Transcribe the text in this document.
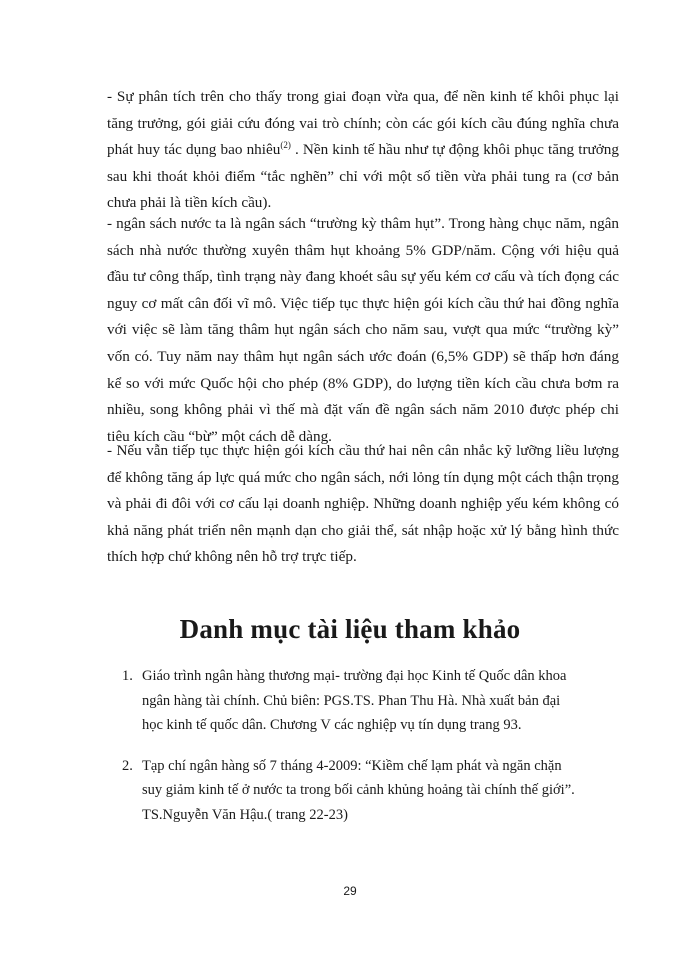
- Sự phân tích trên cho thấy trong giai đoạn vừa qua, để nền kinh tế khôi phục lại tăng trưởng, gói giải cứu đóng vai trò chính; còn các gói kích cầu đúng nghĩa chưa phát huy tác dụng bao nhiêu$^{(2)}$ . Nền kinh tế hầu như tự động khôi phục tăng trưởng sau khi thoát khỏi điểm “tắc nghẽn” chỉ với một số tiền vừa phải tung ra (cơ bản chưa phải là tiền kích cầu).

- ngân sách nước ta là ngân sách “trường kỳ thâm hụt”. Trong hàng chục năm, ngân sách nhà nước thường xuyên thâm hụt khoảng 5% GDP/năm. Cộng với hiệu quả đầu tư công thấp, tình trạng này đang khoét sâu sự yếu kém cơ cấu và tích đọng các nguy cơ mất cân đối vĩ mô. Việc tiếp tục thực hiện gói kích cầu thứ hai đồng nghĩa với việc sẽ làm tăng thâm hụt ngân sách cho năm sau, vượt qua mức “trường kỳ” vốn có. Tuy năm nay thâm hụt ngân sách ước đoán (6,5% GDP) sẽ thấp hơn đáng kể so với mức Quốc hội cho phép (8% GDP), do lượng tiền kích cầu chưa bơm ra nhiều, song không phải vì thế mà đặt vấn đề ngân sách năm 2010 được phép chi tiêu kích cầu “bừ” một cách dễ dàng.

- Nếu vẫn tiếp tục thực hiện gói kích cầu thứ hai nên cân nhắc kỹ lưỡng liều lượng để không tăng áp lực quá mức cho ngân sách, nới lỏng tín dụng một cách thận trọng và phải đi đôi với cơ cấu lại doanh nghiệp. Những doanh nghiệp yếu kém không có khả năng phát triển nên mạnh dạn cho giải thể, sát nhập hoặc xử lý bằng hình thức thích hợp chứ không nên hỗ trợ trực tiếp.

Danh mục tài liệu tham khảo
1. Giáo trình ngân hàng thương mại- trường đại học Kinh tế Quốc dân khoa ngân hàng tài chính. Chủ biên: PGS.TS. Phan Thu Hà. Nhà xuất bản đại học kinh tế quốc dân. Chương V các nghiệp vụ tín dụng trang 93.
2. Tạp chí ngân hàng số 7 tháng 4-2009: “Kiềm chế lạm phát và ngăn chặn suy giảm kinh tế ở nước ta trong bối cảnh khủng hoảng tài chính thế giới”. TS.Nguyễn Văn Hậu.( trang 22-23)
29
